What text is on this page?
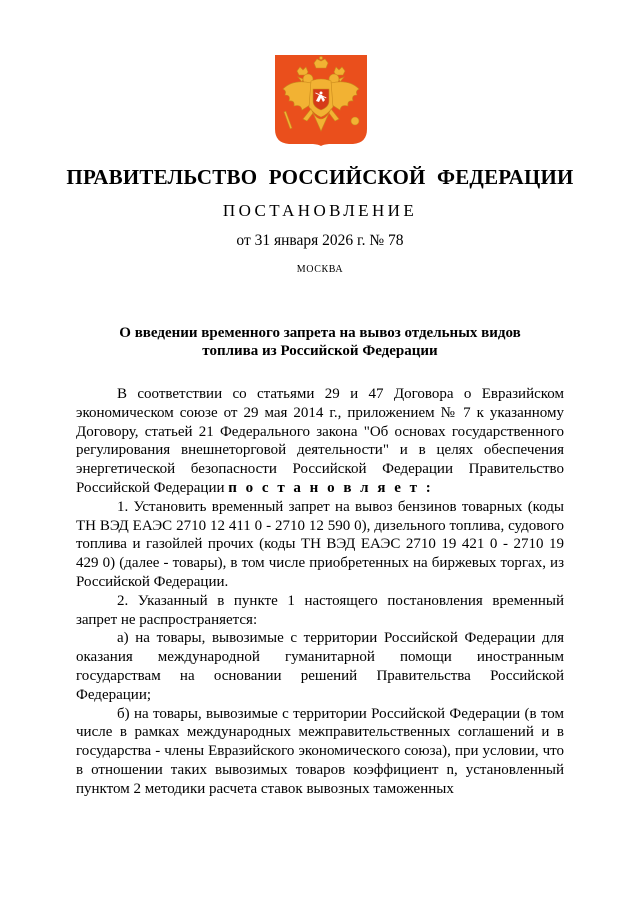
ПРАВИТЕЛЬСТВО РОССИЙСКОЙ ФЕДЕРАЦИИ
ПОСТАНОВЛЕНИЕ
от 31 января 2026 г. № 78
МОСКВА
О введении временного запрета на вывоз отдельных видов
топлива из Российской Федерации

В соответствии со статьями 29 и 47 Договора о Евразийском экономическом союзе от 29 мая 2014 г., приложением № 7 к указанному Договору, статьей 21 Федерального закона "Об основах государственного регулирования внешнеторговой деятельности" и в целях обеспечения энергетической безопасности Российской Федерации Правительство Российской Федерации п о с т а н о в л я е т :

1. Установить временный запрет на вывоз бензинов товарных (коды ТН ВЭД ЕАЭС 2710 12 411 0 - 2710 12 590 0), дизельного топлива, судового топлива и газойлей прочих (коды ТН ВЭД ЕАЭС 2710 19 421 0 - 2710 19 429 0) (далее - товары), в том числе приобретенных на биржевых торгах, из Российской Федерации.

2. Указанный в пункте 1 настоящего постановления временный запрет не распространяется:

а) на товары, вывозимые с территории Российской Федерации для оказания международной гуманитарной помощи иностранным государствам на основании решений Правительства Российской Федерации;

б) на товары, вывозимые с территории Российской Федерации (в том числе в рамках международных межправительственных соглашений и в государства - члены Евразийского экономического союза), при условии, что в отношении таких вывозимых товаров коэффициент n, установленный пунктом 2 методики расчета ставок вывозных таможенных
